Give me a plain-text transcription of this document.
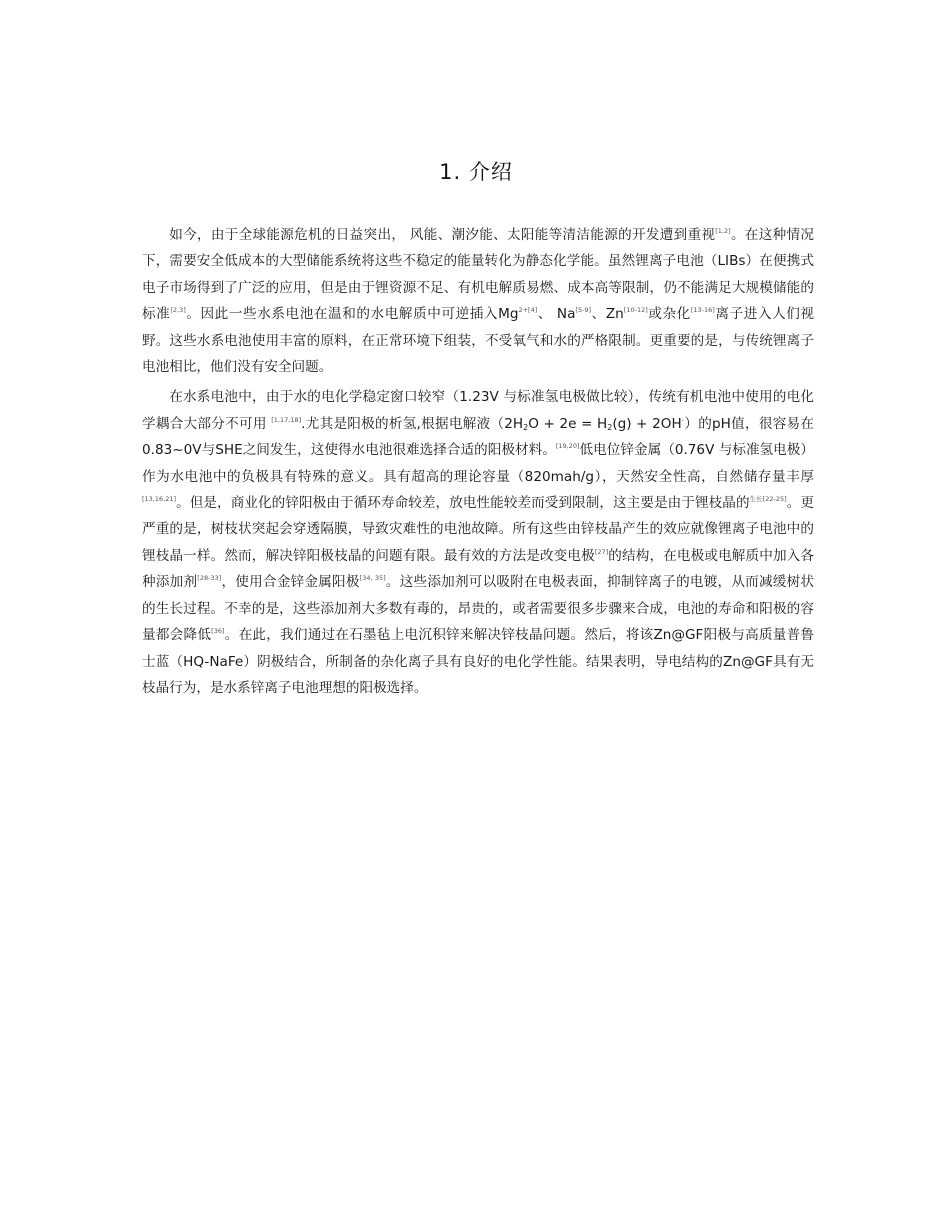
1. 介绍

如今，由于全球能源危机的日益突出， 风能、潮汐能、太阳能等清洁能源的开发遭到重视[1,2]。在这种情况下，需要安全低成本的大型储能系统将这些不稳定的能量转化为静态化学能。虽然锂离子电池（LIBs）在便携式电子市场得到了广泛的应用，但是由于锂资源不足、有机电解质易燃、成本高等限制，仍不能满足大规模储能的标准[2,3]。因此一些水系电池在温和的水电解质中可逆插入$Mg^{2+[4]}$、 Na[5-9]、Zn[10-12]或杂化[13-16]离子进入人们视野。这些水系电池使用丰富的原料，在正常环境下组装，不受氧气和水的严格限制。更重要的是，与传统锂离子电池相比，他们没有安全问题。

在水系电池中，由于水的电化学稳定窗口较窄（1.23V 与标准氢电极做比较），传统有机电池中使用的电化学耦合大部分不可用 [1,17,18].尤其是阳极的析氢,根据电解液$(2H_2O + 2e = H_2(g) + 2OH^-)$的pH值，很容易在0.83~0V与SHE之间发生，这使得水电池很难选择合适的阳极材料。[19,20]低电位锌金属（0.76V 与标准氢电极）作为水电池中的负极具有特殊的意义。具有超高的理论容量（820mah/g），天然安全性高，自然储存量丰厚[13,16,21]。但是，商业化的锌阳极由于循环寿命较差，放电性能较差而受到限制，这主要是由于锂枝晶的$^{生长[22-25]}$。更严重的是，树枝状突起会穿透隔膜，导致灾难性的电池故障。所有这些由锌枝晶产生的效应就像锂离子电池中的锂枝晶一样。然而，解决锌阳极枝晶的问题有限。最有效的方法是改变电极[27]的结构，在电极或电解质中加入各种添加剂[28-33]，使用合金锌金属阳极[34, 35]。这些添加剂可以吸附在电极表面，抑制锌离子的电镀，从而减缓树状的生长过程。不幸的是，这些添加剂大多数有毒的，昂贵的，或者需要很多步骤来合成，电池的寿命和阳极的容量都会降低[36]。在此，我们通过在石墨毡上电沉积锌来解决锌枝晶问题。然后，将该Zn@GF阳极与高质量普鲁士蓝（HQ-NaFe）阴极结合，所制备的杂化离子具有良好的电化学性能。结果表明，导电结构的Zn@GF具有无枝晶行为，是水系锌离子电池理想的阳极选择。
